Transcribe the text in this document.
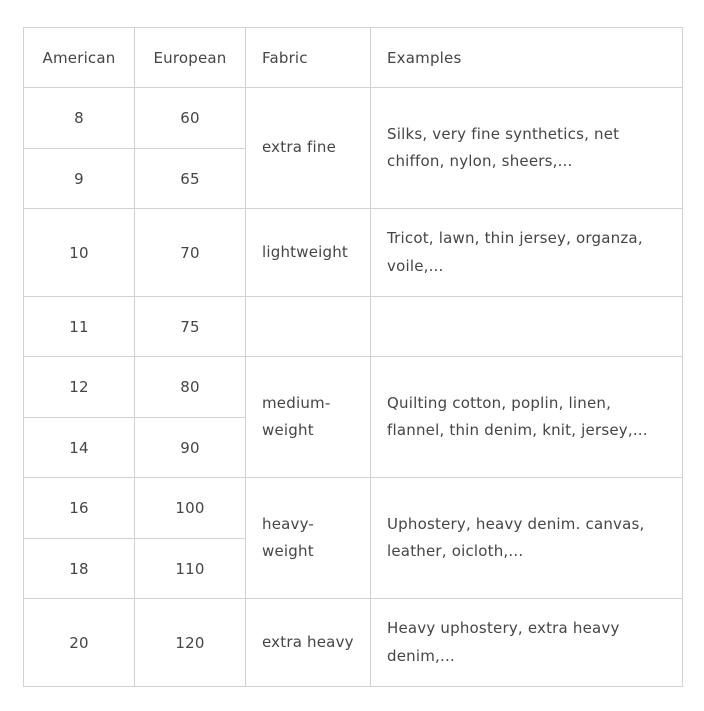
American	European	Fabric	Examples
8	60	extra fine	Silks, very fine synthetics, net chiffon, nylon, sheers,...
9	65		
10	70	lightweight	Tricot, lawn, thin jersey, organza, voile,...
11	75		
12	80	medium-weight	Quilting cotton, poplin, linen, flannel, thin denim, knit, jersey,...
14	90		
16	100	heavy-weight	Uphostery, heavy denim. canvas, leather, oicloth,...
18	110		
20	120	extra heavy	Heavy uphostery, extra heavy denim,...
